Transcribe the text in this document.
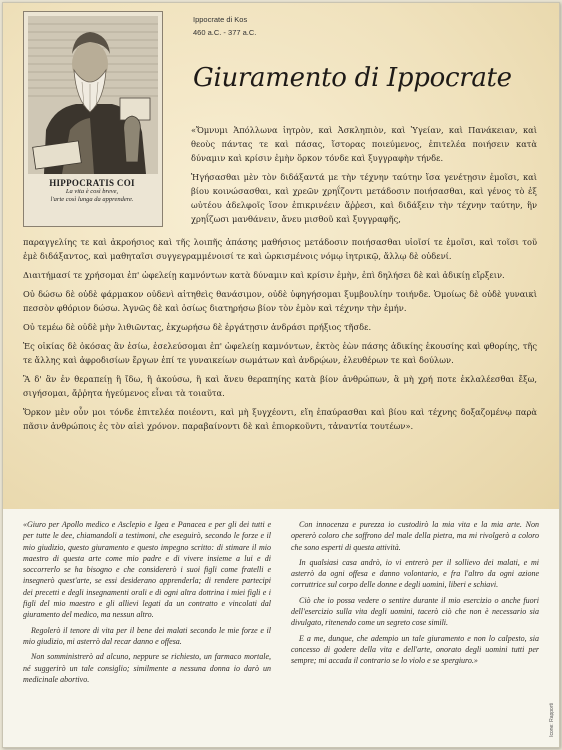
HIPPOCRATIS COI
La vita è così breve,
l'arte così lunga da apprendere.
Ippocrate di Kos
460 a.C. - 377 a.C.
Giuramento di Ippocrate

«Ὄμνυμι Ἀπόλλωνα ἰητρὸν, καὶ Ἀσκληπιὸν, καὶ Ὑγείαν, καὶ Πανάκειαν, καὶ θεοὺς πάντας τε καὶ πάσας, ἵστορας ποιεύμενος, ἐπιτελέα ποιήσειν κατὰ δύναμιν καὶ κρίσιν ἐμὴν ὅρκον τόνδε καὶ ξυγγραφὴν τήνδε.

Ἡγήσασθαι μὲν τὸν διδάξαντά με τὴν τέχνην ταύτην ἴσα γενέτῃσιν ἐμοῖσι, καὶ βίου κοινώσασθαι, καὶ χρεῶν χρηΐζοντι μετάδοσιν ποιήσασθαι, καὶ γένος τὸ ἐξ ωὐτέου ἀδελφοῖς ἴσον ἐπικρινέειν ἄῤῥεσι, καὶ διδάξειν τὴν τέχνην ταύτην, ἢν χρηΐζωσι μανθάνειν, ἄνευ μισθοῦ καὶ ξυγγραφῆς,

παραγγελίης τε καὶ ἀκροήσιος καὶ τῆς λοιπῆς ἁπάσης μαθήσιος μετάδοσιν ποιήσασθαι υἱοῖσί τε ἐμοῖσι, καὶ τοῖσι τοῦ ἐμὲ διδάξαντος, καὶ μαθηταῖσι συγγεγραμμένοισί τε καὶ ὡρκισμένοις νόμῳ ἰητρικῷ, ἄλλῳ δὲ οὐδενί.

Διαιτήμασί τε χρήσομαι ἐπ' ὠφελείῃ καμνόντων κατὰ δύναμιν καὶ κρίσιν ἐμὴν, ἐπὶ δηλήσει δὲ καὶ ἀδικίῃ εἴρξειν.

Οὐ δώσω δὲ οὐδὲ φάρμακον οὐδενὶ αἰτηθεὶς θανάσιμον, οὐδὲ ὑφηγήσομαι ξυμβουλίην τοιήνδε. Ὁμοίως δὲ οὐδὲ γυναικὶ πεσσὸν φθόριον δώσω. Ἁγνῶς δὲ καὶ ὁσίως διατηρήσω βίον τὸν ἐμὸν καὶ τέχνην τὴν ἐμήν.

Οὐ τεμέω δὲ οὐδὲ μὴν λιθιῶντας, ἐκχωρήσω δὲ ἐργάτῃσιν ἀνδράσι πρήξιος τῆσδε.

Ἐς οἰκίας δὲ ὁκόσας ἂν ἐσίω, ἐσελεύσομαι ἐπ' ὠφελείῃ καμνόντων, ἐκτὸς ἐὼν πάσης ἀδικίης ἑκουσίης καὶ φθορίης, τῆς τε ἄλλης καὶ ἀφροδισίων ἔργων ἐπί τε γυναικείων σωμάτων καὶ ἀνδρῴων, ἐλευθέρων τε καὶ δούλων.

Ἃ δ' ἂν ἐν θεραπείῃ ἢ ἴδω, ἢ ἀκούσω, ἢ καὶ ἄνευ θεραπηίης κατὰ βίον ἀνθρώπων, ἃ μὴ χρή ποτε ἐκλαλέεσθαι ἔξω, σιγήσομαι, ἄῤῥητα ἡγεύμενος εἶναι τὰ τοιαῦτα.

Ὅρκον μὲν οὖν μοι τόνδε ἐπιτελέα ποιέοντι, καὶ μὴ ξυγχέοντι, εἴη ἐπαύρασθαι καὶ βίου καὶ τέχνης δοξαζομένῳ παρὰ πᾶσιν ἀνθρώποις ἐς τὸν αἰεὶ χρόνον. παραβαίνοντι δὲ καὶ ἐπιορκοῦντι, τἀναντία τουτέων».

«Giuro per Apollo medico e Asclepio e Igea e Panacea e per gli dei tutti e per tutte le dee, chiamandoli a testimoni, che eseguirò, secondo le forze e il mio giudizio, questo giuramento e questo impegno scritto: di stimare il mio maestro di questa arte come mio padre e di vivere insieme a lui e di soccorrerlo se ha bisogno e che considererò i suoi figli come fratelli e insegnerò quest'arte, se essi desiderano apprenderla; di rendere partecipi dei precetti e degli insegnamenti orali e di ogni altra dottrina i miei figli e i figli del mio maestro e gli allievi legati da un contratto e vincolati dal giuramento del medico, ma nessun altro.

Regolerò il tenore di vita per il bene dei malati secondo le mie forze e il mio giudizio, mi asterrò dal recar danno e offesa.

Non somministrerò ad alcuno, neppure se richiesto, un farmaco mortale, né suggerirò un tale consiglio; similmente a nessuna donna io darò un medicinale abortivo.

Con innocenza e purezza io custodirò la mia vita e la mia arte. Non opererò coloro che soffrono del male della pietra, ma mi rivolgerò a coloro che sono esperti di questa attività.

In qualsiasi casa andrò, io vi entrerò per il sollievo dei malati, e mi asterrò da ogni offesa e danno volontario, e fra l'altro da ogni azione corruttrice sul corpo delle donne e degli uomini, liberi e schiavi.

Ciò che io possa vedere o sentire durante il mio esercizio o anche fuori dell'esercizio sulla vita degli uomini, tacerò ciò che non è necessario sia divulgato, ritenendo come un segreto cose simili.

E a me, dunque, che adempio un tale giuramento e non lo calpesto, sia concesso di godere della vita e dell'arte, onorato degli uomini tutti per sempre; mi accada il contrario se lo violo e se spergiuro.»

Icone: Rapporti
